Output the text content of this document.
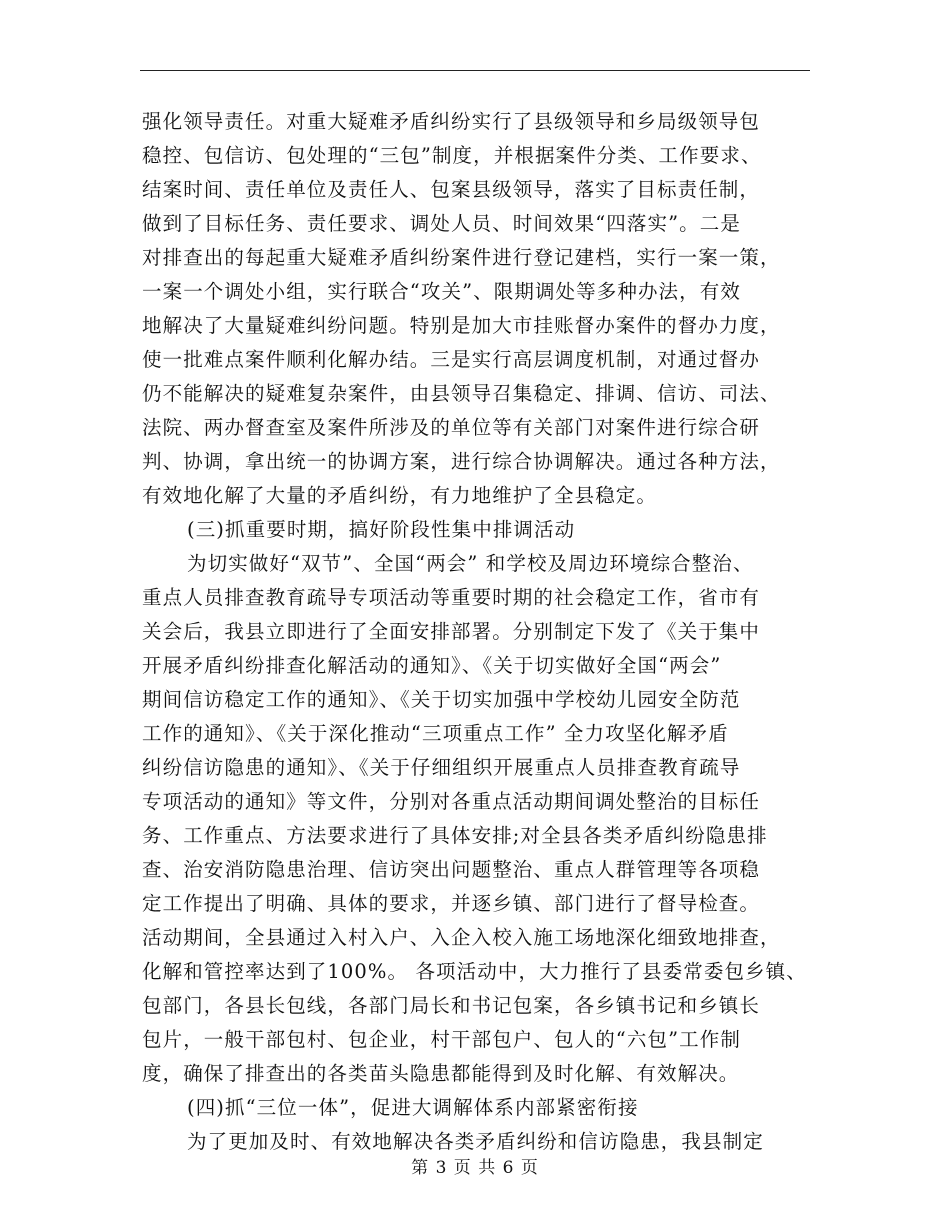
强化领导责任。对重大疑难矛盾纠纷实行了县级领导和乡局级领导包
稳控、包信访、包处理的“三包”制度，并根据案件分类、工作要求、
结案时间、责任单位及责任人、包案县级领导，落实了目标责任制，
做到了目标任务、责任要求、调处人员、时间效果“四落实”。二是
对排查出的每起重大疑难矛盾纠纷案件进行登记建档，实行一案一策，
一案一个调处小组，实行联合“攻关”、限期调处等多种办法，有效
地解决了大量疑难纠纷问题。特别是加大市挂账督办案件的督办力度，
使一批难点案件顺利化解办结。三是实行高层调度机制，对通过督办
仍不能解决的疑难复杂案件，由县领导召集稳定、排调、信访、司法、
法院、两办督查室及案件所涉及的单位等有关部门对案件进行综合研
判、协调，拿出统一的协调方案，进行综合协调解决。通过各种方法，
有效地化解了大量的矛盾纠纷，有力地维护了全县稳定。
(三)抓重要时期，搞好阶段性集中排调活动
为切实做好“双节”、全国“两会” 和学校及周边环境综合整治、
重点人员排查教育疏导专项活动等重要时期的社会稳定工作，省市有
关会后，我县立即进行了全面安排部署。分别制定下发了《关于集中
开展矛盾纠纷排查化解活动的通知》、《关于切实做好全国“两会”
期间信访稳定工作的通知》、《关于切实加强中学校幼儿园安全防范
工作的通知》、《关于深化推动“三项重点工作” 全力攻坚化解矛盾
纠纷信访隐患的通知》、《关于仔细组织开展重点人员排查教育疏导
专项活动的通知》等文件，分别对各重点活动期间调处整治的目标任
务、工作重点、方法要求进行了具体安排;对全县各类矛盾纠纷隐患排
查、治安消防隐患治理、信访突出问题整治、重点人群管理等各项稳
定工作提出了明确、具体的要求，并逐乡镇、部门进行了督导检查。
活动期间，全县通过入村入户、入企入校入施工场地深化细致地排查，
化解和管控率达到了100%。 各项活动中，大力推行了县委常委包乡镇、
包部门，各县长包线，各部门局长和书记包案，各乡镇书记和乡镇长
包片，一般干部包村、包企业，村干部包户、包人的“六包”工作制
度，确保了排查出的各类苗头隐患都能得到及时化解、有效解决。
(四)抓“三位一体”，促进大调解体系内部紧密衔接
为了更加及时、有效地解决各类矛盾纠纷和信访隐患，我县制定
第 3 页 共 6 页
